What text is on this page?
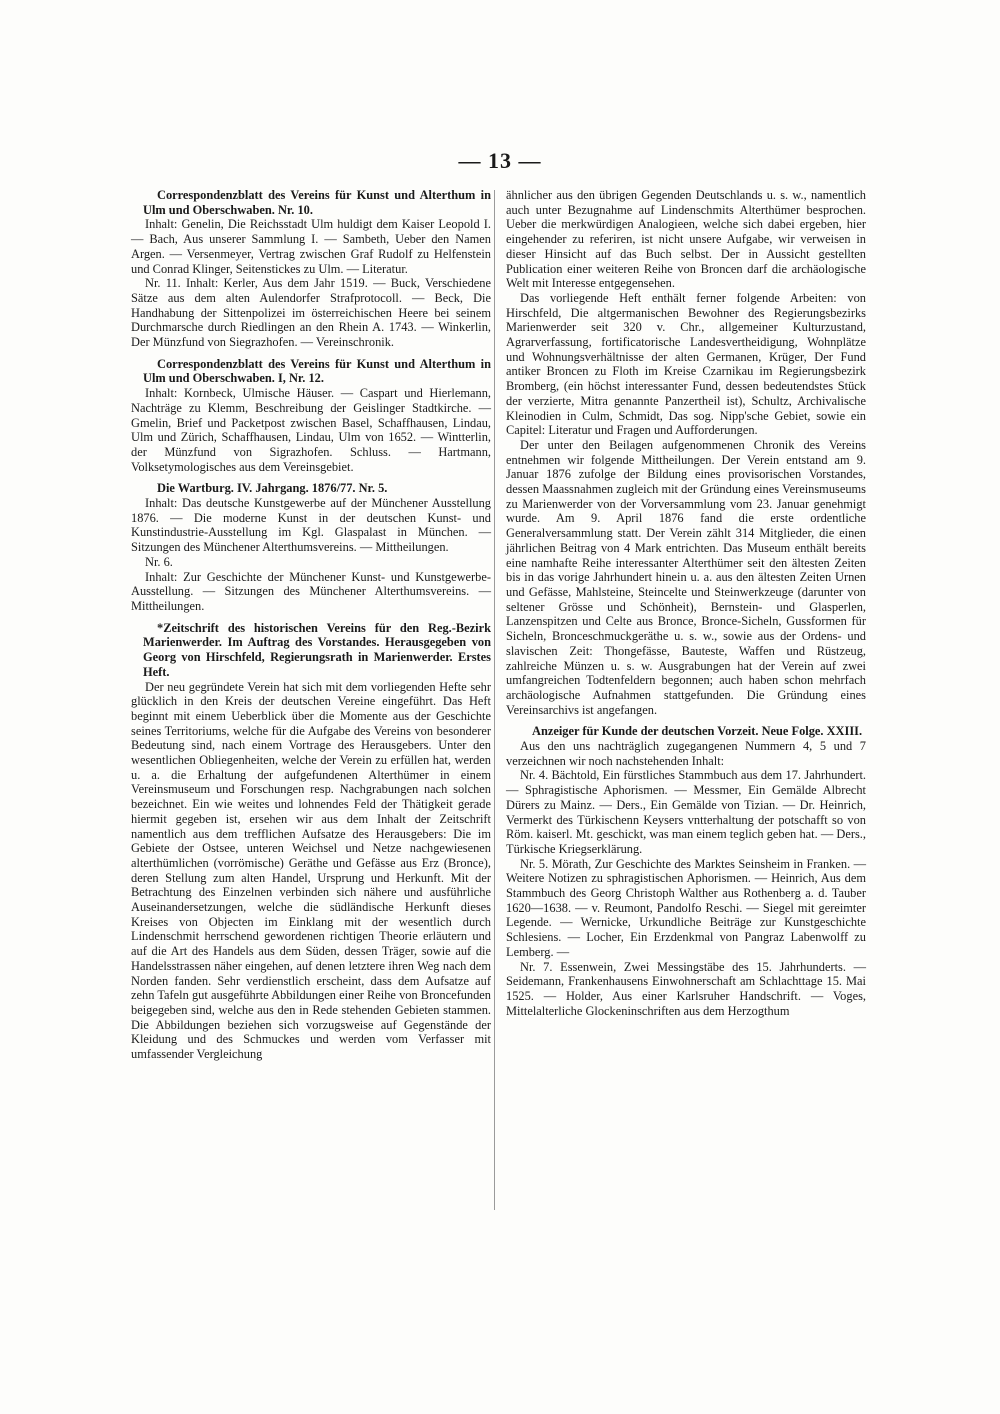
— 13 —

Correspondenzblatt des Vereins für Kunst und Alterthum in Ulm und Oberschwaben. Nr. 10.

Inhalt: Genelin, Die Reichsstadt Ulm huldigt dem Kaiser Leopold I. — Bach, Aus unserer Sammlung I. — Sambeth, Ueber den Namen Argen. — Versenmeyer, Vertrag zwischen Graf Rudolf zu Helfenstein und Conrad Klinger, Seitenstickes zu Ulm. — Literatur.

Nr. 11. Inhalt: Kerler, Aus dem Jahr 1519. — Buck, Verschiedene Sätze aus dem alten Aulendorfer Strafprotocoll. — Beck, Die Handhabung der Sittenpolizei im österreichischen Heere bei seinem Durchmarsche durch Riedlingen an den Rhein A. 1743. — Winkerlin, Der Münzfund von Siegrazhofen. — Vereinschronik.

Correspondenzblatt des Vereins für Kunst und Alterthum in Ulm und Oberschwaben. I, Nr. 12.

Inhalt: Kornbeck, Ulmische Häuser. — Caspart und Hierlemann, Nachträge zu Klemm, Beschreibung der Geislinger Stadtkirche. — Gmelin, Brief und Packetpost zwischen Basel, Schaffhausen, Lindau, Ulm und Zürich, Schaffhausen, Lindau, Ulm von 1652. — Wintterlin, der Münzfund von Sigrazhofen. Schluss. — Hartmann, Volksetymologisches aus dem Vereinsgebiet.

Die Wartburg. IV. Jahrgang. 1876/77. Nr. 5.

Inhalt: Das deutsche Kunstgewerbe auf der Münchener Ausstellung 1876. — Die moderne Kunst in der deutschen Kunst- und Kunstindustrie-Ausstellung im Kgl. Glaspalast in München. — Sitzungen des Münchener Alterthumsvereins. — Mittheilungen.

Nr. 6.

Inhalt: Zur Geschichte der Münchener Kunst- und Kunstgewerbe-Ausstellung. — Sitzungen des Münchener Alterthumsvereins. — Mittheilungen.

*Zeitschrift des historischen Vereins für den Reg.-Bezirk Marienwerder. Im Auftrag des Vorstandes. Herausgegeben von Georg von Hirschfeld, Regierungsrath in Marienwerder. Erstes Heft.

Der neu gegründete Verein hat sich mit dem vorliegenden Hefte sehr glücklich in den Kreis der deutschen Vereine eingeführt. Das Heft beginnt mit einem Ueberblick über die Momente aus der Geschichte seines Territoriums, welche für die Aufgabe des Vereins von besonderer Bedeutung sind, nach einem Vortrage des Herausgebers. Unter den wesentlichen Obliegenheiten, welche der Verein zu erfüllen hat, werden u. a. die Erhaltung der aufgefundenen Alterthümer in einem Vereinsmuseum und Forschungen resp. Nachgrabungen nach solchen bezeichnet. Ein wie weites und lohnendes Feld der Thätigkeit gerade hiermit gegeben ist, ersehen wir aus dem Inhalt der Zeitschrift namentlich aus dem trefflichen Aufsatze des Herausgebers: Die im Gebiete der Ostsee, unteren Weichsel und Netze nachgewiesenen alterthümlichen (vorrömische) Geräthe und Gefässe aus Erz (Bronce), deren Stellung zum alten Handel, Ursprung und Herkunft. Mit der Betrachtung des Einzelnen verbinden sich nähere und ausführliche Auseinandersetzungen, welche die südländische Herkunft dieses Kreises von Objecten im Einklang mit der wesentlich durch Lindenschmit herrschend gewordenen richtigen Theorie erläutern und auf die Art des Handels aus dem Süden, dessen Träger, sowie auf die Handelsstrassen näher eingehen, auf denen letztere ihren Weg nach dem Norden fanden. Sehr verdienstlich erscheint, dass dem Aufsatze auf zehn Tafeln gut ausgeführte Abbildungen einer Reihe von Broncefunden beigegeben sind, welche aus den in Rede stehenden Gebieten stammen. Die Abbildungen beziehen sich vorzugsweise auf Gegenstände der Kleidung und des Schmuckes und werden vom Verfasser mit umfassender Vergleichung

ähnlicher aus den übrigen Gegenden Deutschlands u. s. w., namentlich auch unter Bezugnahme auf Lindenschmits Alterthümer besprochen. Ueber die merkwürdigen Analogieen, welche sich dabei ergeben, hier eingehender zu referiren, ist nicht unsere Aufgabe, wir verweisen in dieser Hinsicht auf das Buch selbst. Der in Aussicht gestellten Publication einer weiteren Reihe von Broncen darf die archäologische Welt mit Interesse entgegensehen.

Das vorliegende Heft enthält ferner folgende Arbeiten: von Hirschfeld, Die altgermanischen Bewohner des Regierungsbezirks Marienwerder seit 320 v. Chr., allgemeiner Kulturzustand, Agrarverfassung, fortificatorische Landesvertheidigung, Wohnplätze und Wohnungsverhältnisse der alten Germanen, Krüger, Der Fund antiker Broncen zu Floth im Kreise Czarnikau im Regierungsbezirk Bromberg, (ein höchst interessanter Fund, dessen bedeutendstes Stück der verzierte, Mitra genannte Panzertheil ist), Schultz, Archivalische Kleinodien in Culm, Schmidt, Das sog. Nipp'sche Gebiet, sowie ein Capitel: Literatur und Fragen und Aufforderungen.

Der unter den Beilagen aufgenommenen Chronik des Vereins entnehmen wir folgende Mittheilungen. Der Verein entstand am 9. Januar 1876 zufolge der Bildung eines provisorischen Vorstandes, dessen Maassnahmen zugleich mit der Gründung eines Vereinsmuseums zu Marienwerder von der Vorversammlung vom 23. Januar genehmigt wurde. Am 9. April 1876 fand die erste ordentliche Generalversammlung statt. Der Verein zählt 314 Mitglieder, die einen jährlichen Beitrag von 4 Mark entrichten. Das Museum enthält bereits eine namhafte Reihe interessanter Alterthümer seit den ältesten Zeiten bis in das vorige Jahrhundert hinein u. a. aus den ältesten Zeiten Urnen und Gefässe, Mahlsteine, Steincelte und Steinwerkzeuge (darunter von seltener Grösse und Schönheit), Bernstein- und Glasperlen, Lanzenspitzen und Celte aus Bronce, Bronce-Sicheln, Gussformen für Sicheln, Bronceschmuckgeräthe u. s. w., sowie aus der Ordens- und slavischen Zeit: Thongefässe, Bauteste, Waffen und Rüstzeug, zahlreiche Münzen u. s. w. Ausgrabungen hat der Verein auf zwei umfangreichen Todtenfeldern begonnen; auch haben schon mehrfach archäologische Aufnahmen stattgefunden. Die Gründung eines Vereinsarchivs ist angefangen.

Anzeiger für Kunde der deutschen Vorzeit. Neue Folge. XXIII.

Aus den uns nachträglich zugegangenen Nummern 4, 5 und 7 verzeichnen wir noch nachstehenden Inhalt:

Nr. 4. Bächtold, Ein fürstliches Stammbuch aus dem 17. Jahrhundert. — Sphragistische Aphorismen. — Messmer, Ein Gemälde Albrecht Dürers zu Mainz. — Ders., Ein Gemälde von Tizian. — Dr. Heinrich, Vermerkt des Türkischenn Keysers vntterhaltung der potschafft so von Röm. kaiserl. Mt. geschickt, was man einem teglich geben hat. — Ders., Türkische Kriegserklärung.

Nr. 5. Mörath, Zur Geschichte des Marktes Seinsheim in Franken. — Weitere Notizen zu sphragistischen Aphorismen. — Heinrich, Aus dem Stammbuch des Georg Christoph Walther aus Rothenberg a. d. Tauber 1620—1638. — v. Reumont, Pandolfo Reschi. — Siegel mit gereimter Legende. — Wernicke, Urkundliche Beiträge zur Kunstgeschichte Schlesiens. — Locher, Ein Erzdenkmal von Pangraz Labenwolff zu Lemberg. —

Nr. 7. Essenwein, Zwei Messingstäbe des 15. Jahrhunderts. — Seidemann, Frankenhausens Einwohnerschaft am Schlachttage 15. Mai 1525. — Holder, Aus einer Karlsruher Handschrift. — Voges, Mittelalterliche Glockeninschriften aus dem Herzogthum
